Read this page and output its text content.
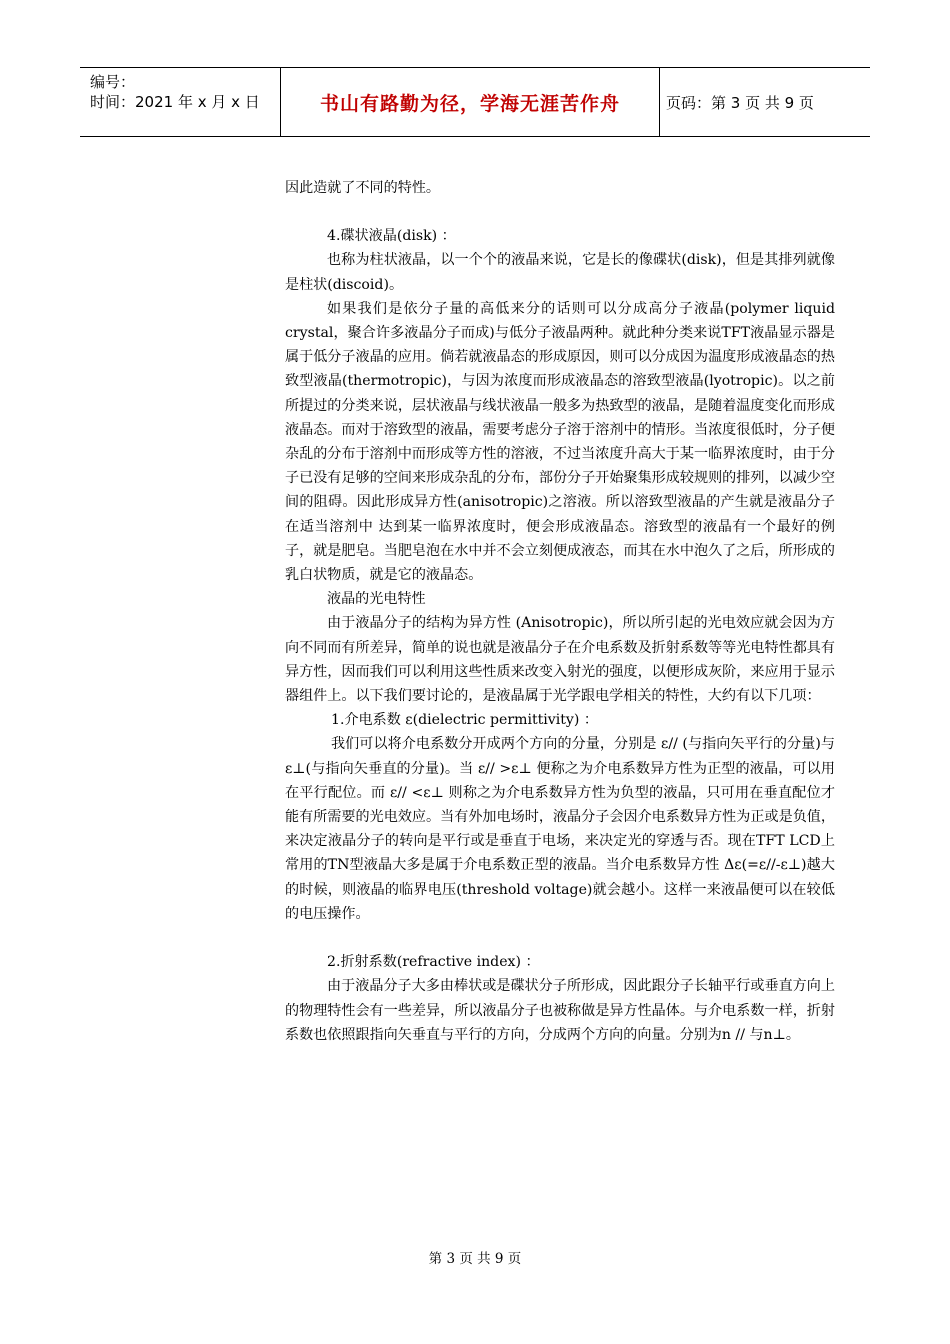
编号：
时间：2021 年 x 月 x 日	书山有路勤为径，学海无涯苦作舟	页码：第 3 页 共 9 页

因此造就了不同的特性。

4.碟状液晶(disk) ：

也称为柱状液晶，以一个个的液晶来说，它是长的像碟状(disk)，但是其排列就像是柱状(discoid)。

如果我们是依分子量的高低来分的话则可以分成高分子液晶(polymer liquid crystal，聚合许多液晶分子而成)与低分子液晶两种。就此种分类来说TFT液晶显示器是属于低分子液晶的应用。倘若就液晶态的形成原因，则可以分成因为温度形成液晶态的热致型液晶(thermotropic)，与因为浓度而形成液晶态的溶致型液晶(lyotropic)。以之前所提过的分类来说，层状液晶与线状液晶一般多为热致型的液晶，是随着温度变化而形成液晶态。而对于溶致型的液晶，需要考虑分子溶于溶剂中的情形。当浓度很低时，分子便杂乱的分布于溶剂中而形成等方性的溶液，不过当浓度升高大于某一临界浓度时，由于分子已没有足够的空间来形成杂乱的分布，部份分子开始聚集形成较规则的排列，以减少空间的阻碍。因此形成异方性(anisotropic)之溶液。所以溶致型液晶的产生就是液晶分子在适当溶剂中 达到某一临界浓度时，便会形成液晶态。溶致型的液晶有一个最好的例子，就是肥皂。当肥皂泡在水中并不会立刻便成液态，而其在水中泡久了之后，所形成的乳白状物质，就是它的液晶态。

液晶的光电特性

由于液晶分子的结构为异方性 (Anisotropic)，所以所引起的光电效应就会因为方向不同而有所差异，简单的说也就是液晶分子在介电系数及折射系数等等光电特性都具有异方性，因而我们可以利用这些性质来改变入射光的强度，以便形成灰阶，来应用于显示器组件上。以下我们要讨论的，是液晶属于光学跟电学相关的特性，大约有以下几项：

1.介电系数 ε(dielectric permittivity) ：

我们可以将介电系数分开成两个方向的分量，分别是 ε// (与指向矢平行的分量)与 ε⊥(与指向矢垂直的分量)。当 ε// >ε⊥ 便称之为介电系数异方性为正型的液晶，可以用在平行配位。而 ε// <ε⊥ 则称之为介电系数异方性为负型的液晶，只可用在垂直配位才能有所需要的光电效应。当有外加电场时，液晶分子会因介电系数异方性为正或是负值，来决定液晶分子的转向是平行或是垂直于电场，来决定光的穿透与否。现在TFT LCD上常用的TN型液晶大多是属于介电系数正型的液晶。当介电系数异方性 Δε(=ε//-ε⊥)越大的时候，则液晶的临界电压(threshold voltage)就会越小。这样一来液晶便可以在较低的电压操作。

2.折射系数(refractive index) ：

由于液晶分子大多由棒状或是碟状分子所形成，因此跟分子长轴平行或垂直方向上的物理特性会有一些差异，所以液晶分子也被称做是异方性晶体。与介电系数一样，折射系数也依照跟指向矢垂直与平行的方向，分成两个方向的向量。分别为n // 与n⊥。

第 3 页 共 9 页
